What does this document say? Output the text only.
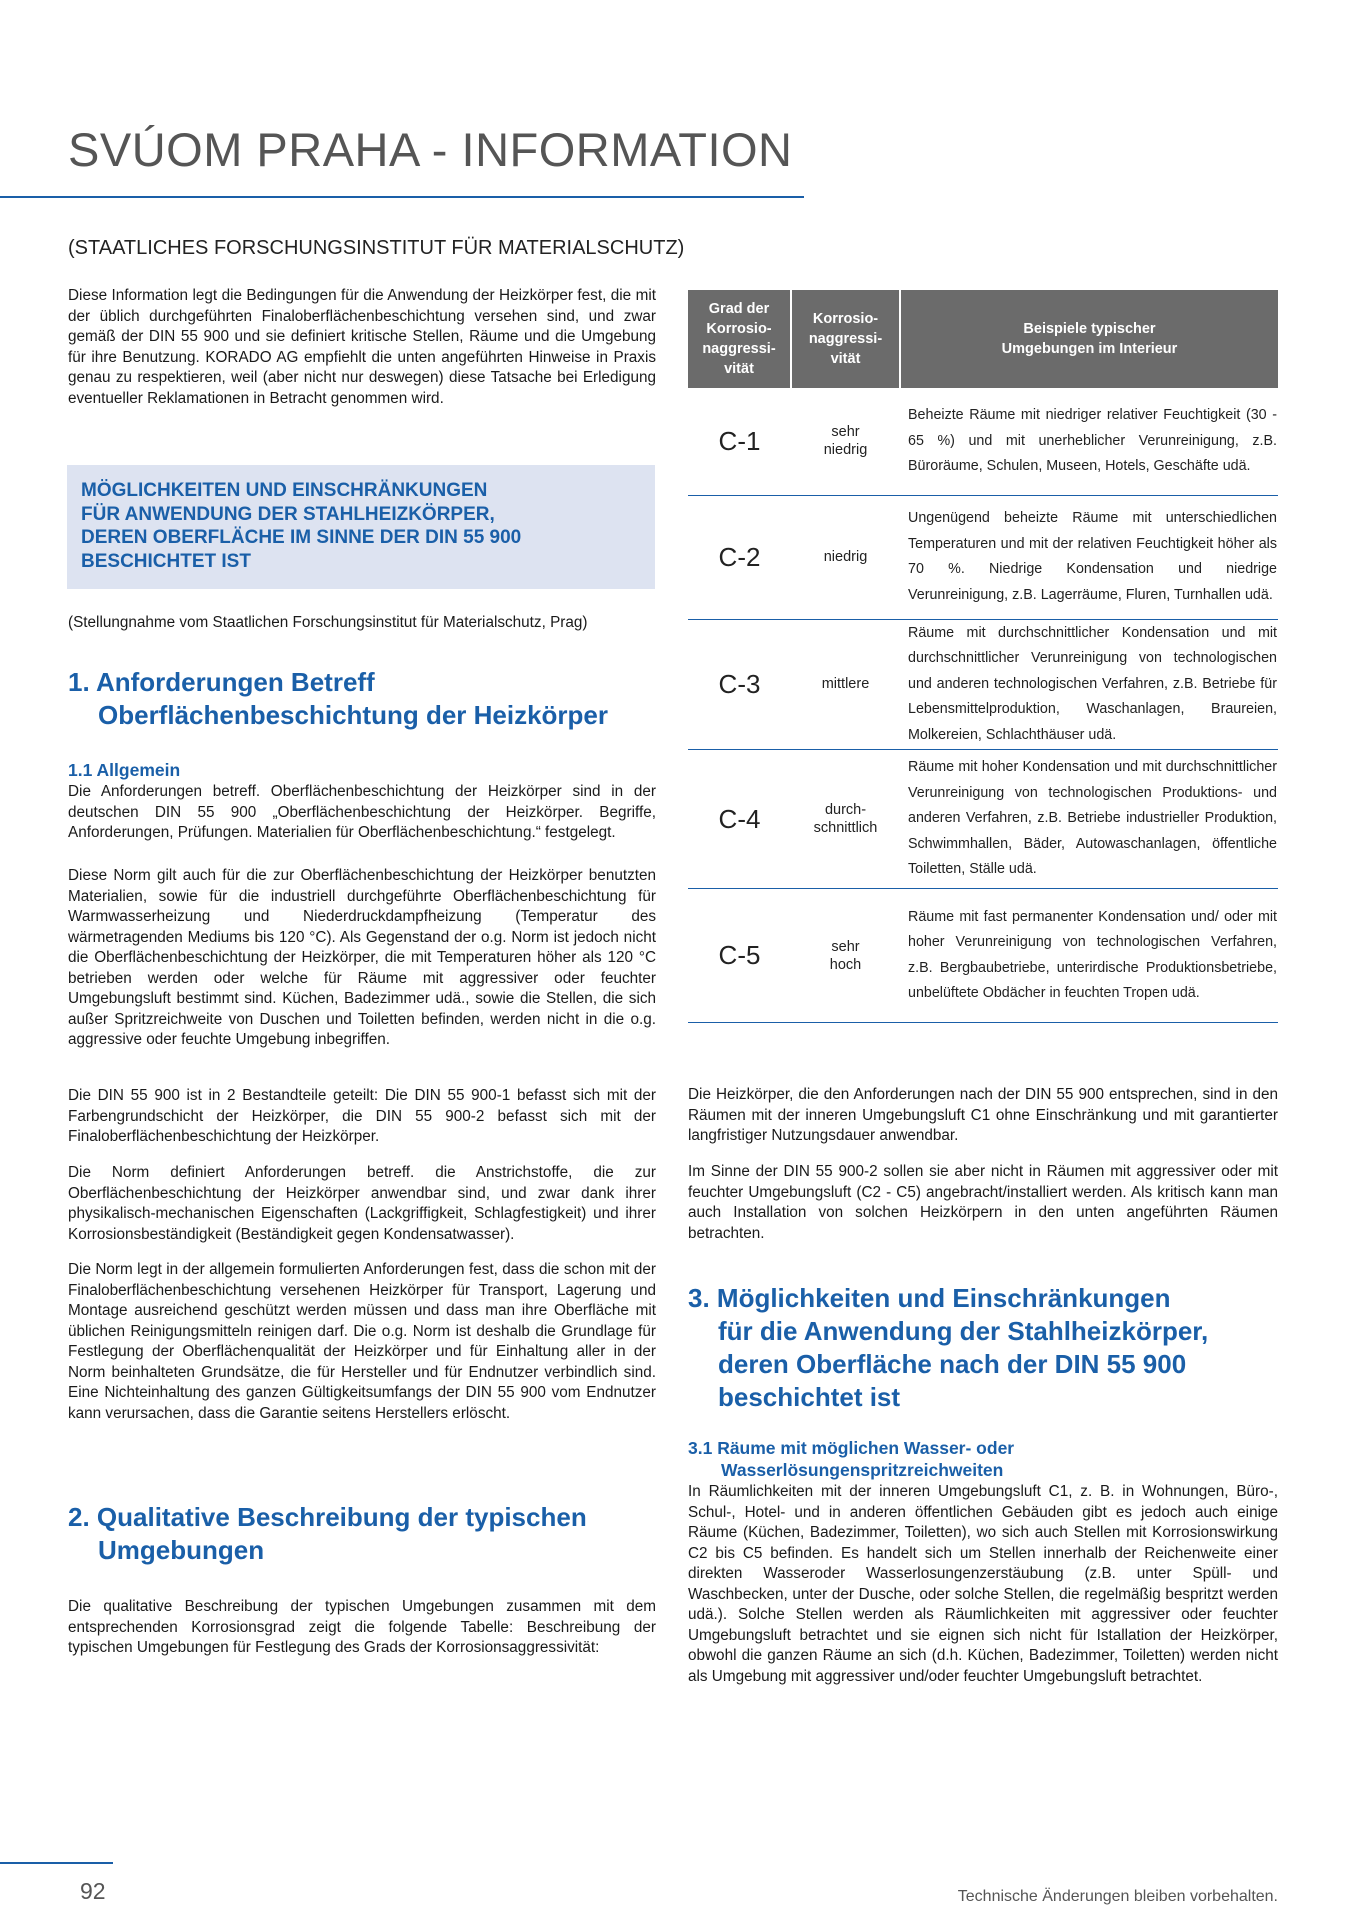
SVÚOM PRAHA - INFORMATION
(STAATLICHES FORSCHUNGSINSTITUT FÜR MATERIALSCHUTZ)

Diese Information legt die Bedingungen für die Anwendung der Heizkörper fest, die mit der üblich durchgeführten Finaloberflächenbeschichtung versehen sind, und zwar gemäß der DIN 55 900 und sie definiert kritische Stellen, Räume und die Umgebung für ihre Benutzung. KORADO AG empfiehlt die unten angeführten Hinweise in Praxis genau zu respektieren, weil (aber nicht nur deswegen) diese Tatsache bei Erledigung eventueller Reklamationen in Betracht genommen wird.

MÖGLICHKEITEN UND EINSCHRÄNKUNGEN
FÜR ANWENDUNG DER STAHLHEIZKÖRPER,
DEREN OBERFLÄCHE IM SINNE DER DIN 55 900
BESCHICHTET IST

(Stellungnahme vom Staatlichen Forschungsinstitut für Materialschutz, Prag)

1. Anforderungen Betreff
Oberflächenbeschichtung der Heizkörper
1.1 Allgemein

Die Anforderungen betreff. Oberflächenbeschichtung der Heizkörper sind in der deutschen DIN 55 900 „Oberflächenbeschichtung der Heizkörper. Begriffe, Anforderungen, Prüfungen. Materialien für Oberflächenbeschichtung.“ festgelegt.

Diese Norm gilt auch für die zur Oberflächenbeschichtung der Heizkörper benutzten Materialien, sowie für die industriell durchgeführte Oberflächenbeschichtung für Warmwasserheizung und Niederdruckdampfheizung (Temperatur des wärmetragenden Mediums bis 120 °C). Als Gegenstand der o.g. Norm ist jedoch nicht die Oberflächenbeschichtung der Heizkörper, die mit Temperaturen höher als 120 °C betrieben werden oder welche für Räume mit aggressiver oder feuchter Umgebungsluft bestimmt sind. Küchen, Badezimmer udä., sowie die Stellen, die sich außer Spritzreichweite von Duschen und Toiletten befinden, werden nicht in die o.g. aggressive oder feuchte Umgebung inbegriffen.

Die DIN 55 900 ist in 2 Bestandteile geteilt: Die DIN 55 900-1 befasst sich mit der Farbengrundschicht der Heizkörper, die DIN 55 900-2 befasst sich mit der Finaloberflächenbeschichtung der Heizkörper.

Die Norm definiert Anforderungen betreff. die Anstrichstoffe, die zur Oberflächenbeschichtung der Heizkörper anwendbar sind, und zwar dank ihrer physikalisch-mechanischen Eigenschaften (Lackgriffigkeit, Schlagfestigkeit) und ihrer Korrosionsbeständigkeit (Beständigkeit gegen Kondensatwasser).

Die Norm legt in der allgemein formulierten Anforderungen fest, dass die schon mit der Finaloberflächenbeschichtung versehenen Heizkörper für Transport, Lagerung und Montage ausreichend geschützt werden müssen und dass man ihre Oberfläche mit üblichen Reinigungsmitteln reinigen darf. Die o.g. Norm ist deshalb die Grundlage für Festlegung der Oberflächenqualität der Heizkörper und für Einhaltung aller in der Norm beinhalteten Grundsätze, die für Hersteller und für Endnutzer verbindlich sind. Eine Nichteinhaltung des ganzen Gültigkeitsumfangs der DIN 55 900 vom Endnutzer kann verursachen, dass die Garantie seitens Herstellers erlöscht.

2. Qualitative Beschreibung der typischen
Umgebungen

Die qualitative Beschreibung der typischen Umgebungen zusammen mit dem entsprechenden Korrosionsgrad zeigt die folgende Tabelle: Beschreibung der typischen Umgebungen für Festlegung des Grads der Korrosionsaggressivität:

Grad der
Korrosio-
naggressi-
vität	Korrosio-
naggressi-
vität	Beispiele typischer
Umgebungen im Interieur
C-1	sehr
niedrig	Beheizte Räume mit niedriger relativer Feuchtigkeit (30 - 65 %) und mit unerheblicher Verunreinigung, z.B. Büroräume, Schulen, Museen, Hotels, Geschäfte udä.
C-2	niedrig	Ungenügend beheizte Räume mit unterschiedlichen Temperaturen und mit der relativen Feuchtigkeit höher als 70 %. Niedrige Kondensation und niedrige Verunreinigung, z.B. Lagerräume, Fluren, Turnhallen udä.
C-3	mittlere	Räume mit durchschnittlicher Kondensation und mit durchschnittlicher Verunreinigung von technologischen und anderen technologischen Verfahren, z.B. Betriebe für Lebensmittelproduktion, Waschanlagen, Braureien, Molkereien, Schlachthäuser udä.
C-4	durch-
schnittlich	Räume mit hoher Kondensation und mit durchschnittlicher Verunreinigung von technologischen Produktions- und anderen Verfahren, z.B. Betriebe industrieller Produktion, Schwimmhallen, Bäder, Autowaschanlagen, öffentliche Toiletten, Ställe udä.
C-5	sehr
hoch	Räume mit fast permanenter Kondensation und/ oder mit hoher Verunreinigung von technologischen Verfahren, z.B. Bergbaubetriebe, unterirdische Produktionsbetriebe, unbelüftete Obdächer in feuchten Tropen udä.

Die Heizkörper, die den Anforderungen nach der DIN 55 900 entsprechen, sind in den Räumen mit der inneren Umgebungsluft C1 ohne Einschränkung und mit garantierter langfristiger Nutzungsdauer anwendbar.

Im Sinne der DIN 55 900-2 sollen sie aber nicht in Räumen mit aggressiver oder mit feuchter Umgebungsluft (C2 - C5) angebracht/installiert werden. Als kritisch kann man auch Installation von solchen Heizkörpern in den unten angeführten Räumen betrachten.

3. Möglichkeiten und Einschränkungen
für die Anwendung der Stahlheizkörper,
deren Oberfläche nach der DIN 55 900
beschichtet ist
3.1 Räume mit möglichen Wasser- oder
Wasserlösungenspritzreichweiten

In Räumlichkeiten mit der inneren Umgebungsluft C1, z. B. in Wohnungen, Büro-, Schul-, Hotel- und in anderen öffentlichen Gebäuden gibt es jedoch auch einige Räume (Küchen, Badezimmer, Toiletten), wo sich auch Stellen mit Korrosionswirkung C2 bis C5 befinden. Es handelt sich um Stellen innerhalb der Reichenweite einer direkten Wasseroder Wasserlosungenzerstäubung (z.B. unter Spüll- und Waschbecken, unter der Dusche, oder solche Stellen, die regelmäßig bespritzt werden udä.). Solche Stellen werden als Räumlichkeiten mit aggressiver oder feuchter Umgebungsluft betrachtet und sie eignen sich nicht für Istallation der Heizkörper, obwohl die ganzen Räume an sich (d.h. Küchen, Badezimmer, Toiletten) werden nicht als Umgebung mit aggressiver und/oder feuchter Umgebungsluft betrachtet.

92	Technische Änderungen bleiben vorbehalten.
